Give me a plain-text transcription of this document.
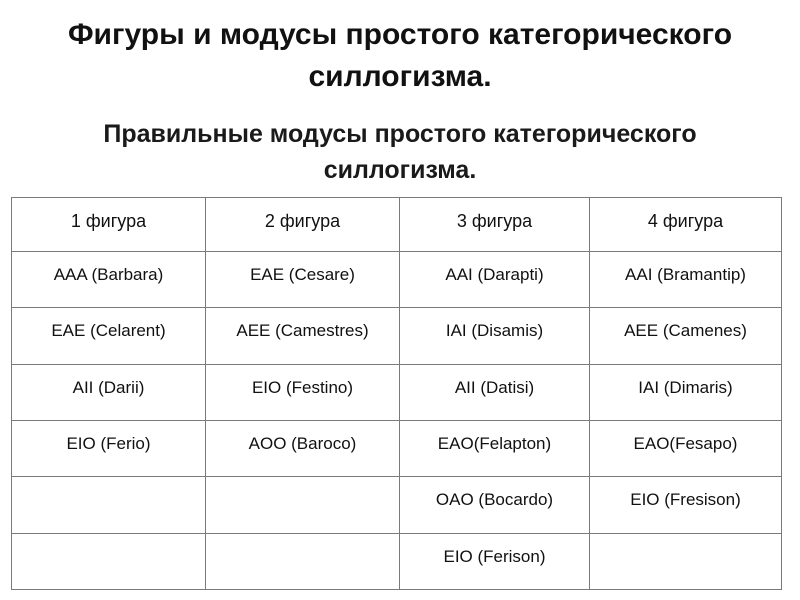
Фигуры и модусы простого категорического
силлогизма.
Правильные модусы простого категорического
силлогизма.
1 фигура	2 фигура	3 фигура	4 фигура
AAA (Barbara)	EAE (Cesare)	AAI (Darapti)	AAI (Bramantip)
EAE (Celarent)	AEE (Camestres)	IAI (Disamis)	AEE (Camenes)
AII (Darii)	EIO (Festino)	AII (Datisi)	IAI (Dimaris)
EIO (Ferio)	AOO (Baroco)	EAO(Felapton)	EAO(Fesapo)
		OAO (Bocardo)	EIO (Fresison)
		EIO (Ferison)	
